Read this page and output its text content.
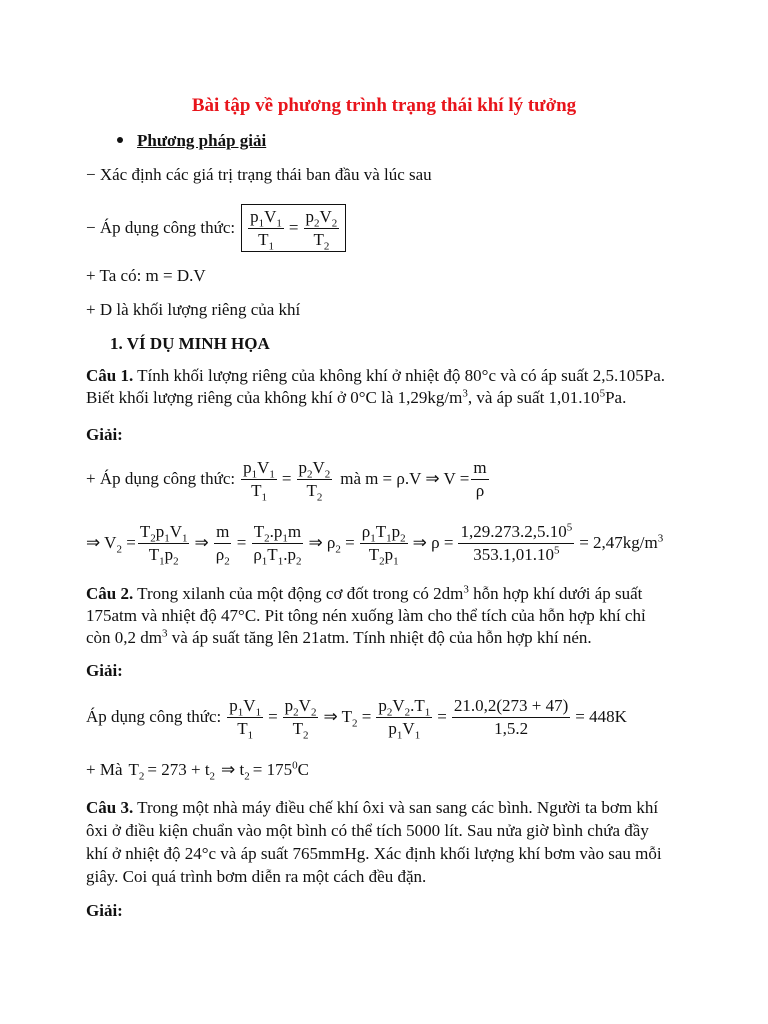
Bài tập về phương trình trạng thái khí lý tưởng
Phương pháp giải
− Xác định các giá trị trạng thái ban đầu và lúc sau
− Áp dụng công thức: $\frac{p_1V_1}{T_1} = \frac{p_2V_2}{T_2}$
+ Ta có: m = D.V
+ D là khối lượng riêng của khí
1. VÍ DỤ MINH HỌA
Câu 1. Tính khối lượng riêng của không khí ở nhiệt độ 80°c và có áp suất 2,5.105Pa.
Biết khối lượng riêng của không khí ở 0°C là $1,29kg/m^3$, và áp suất 1,01.10$^5$Pa.
Giải:
+ Áp dụng công thức: $\frac{p_1V_1}{T_1} = \frac{p_2V_2}{T_2}$ mà m = ρ.V ⇒ $V = \frac{m}{\rho}$
⇒ $V_2 = \frac{T_2p_1V_1}{T_1p_2}$ ⇒ $\frac{m}{\rho_2} = \frac{T_2.p_1m}{\rho_1T_1.p_2}$ ⇒ $\rho_2 = \frac{\rho_1T_1p_2}{T_2p_1}$ ⇒ $\rho = \frac{1,29.273.2,5.10^5}{353.1,01.10^5} = 2,47kg/m^3$
Câu 2. Trong xilanh của một động cơ đốt trong có $2dm^3$ hỗn hợp khí dưới áp suất
175atm và nhiệt độ 47°C. Pit tông nén xuống làm cho thể tích của hỗn hợp khí chỉ
còn 0,2 $dm^3$ và áp suất tăng lên 21atm. Tính nhiệt độ của hỗn hợp khí nén.
Giải:
Áp dụng công thức: $\frac{p_1V_1}{T_1} = \frac{p_2V_2}{T_2}$ ⇒ $T_2 = \frac{p_2V_2.T_1}{p_1V_1} = \frac{21.0,2(273 + 47)}{1,5.2} = 448K$
+ Mà $T_2 = 273 + t_2$ ⇒ $t_2 = 175^0C$
Câu 3. Trong một nhà máy điều chế khí ôxi và san sang các bình. Người ta bơm khí
ôxi ở điều kiện chuẩn vào một bình có thể tích 5000 lít. Sau nửa giờ bình chứa đầy
khí ở nhiệt độ 24°c và áp suất 765mmHg. Xác định khối lượng khí bơm vào sau mỗi
giây. Coi quá trình bơm diễn ra một cách đều đặn.
Giải:
